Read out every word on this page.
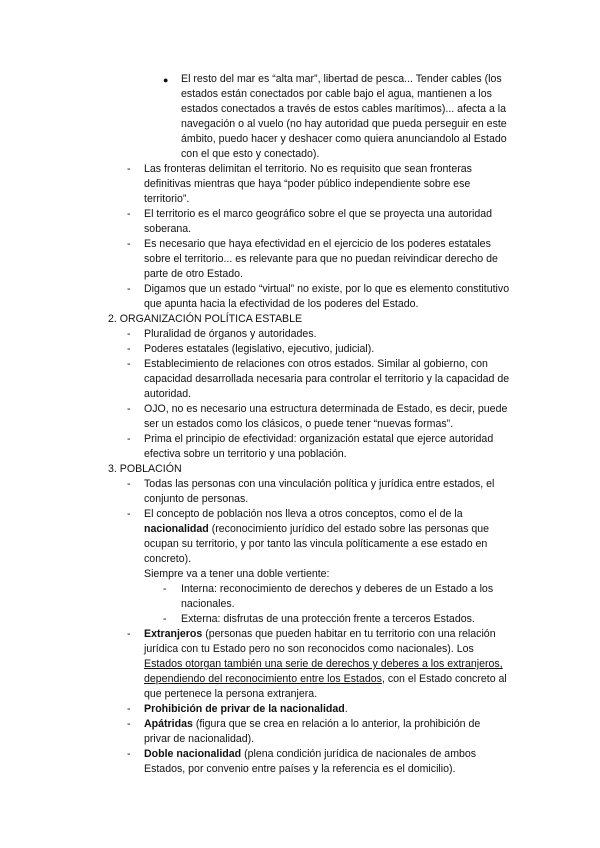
● El resto del mar es “alta mar”, libertad de pesca... Tender cables (los
estados están conectados por cable bajo el agua, mantienen a los
estados conectados a través de estos cables marítimos)... afecta a la
navegación o al vuelo (no hay autoridad que pueda perseguir en este
ámbito, puedo hacer y deshacer como quiera anunciandolo al Estado
con el que esto y conectado).
- Las fronteras delimitan el territorio. No es requisito que sean fronteras
definitivas mientras que haya “poder público independiente sobre ese
territorio”.
- El territorio es el marco geográfico sobre el que se proyecta una autoridad
soberana.
- Es necesario que haya efectividad en el ejercicio de los poderes estatales
sobre el territorio... es relevante para que no puedan reivindicar derecho de
parte de otro Estado.
- Digamos que un estado “virtual” no existe, por lo que es elemento constitutivo
que apunta hacia la efectividad de los poderes del Estado.
2. ORGANIZACIÓN POLÍTICA ESTABLE
- Pluralidad de órganos y autoridades.
- Poderes estatales (legislativo, ejecutivo, judicial).
- Establecimiento de relaciones con otros estados. Similar al gobierno, con
capacidad desarrollada necesaria para controlar el territorio y la capacidad de
autoridad.
- OJO, no es necesario una estructura determinada de Estado, es decir, puede
ser un estados como los clásicos, o puede tener “nuevas formas”.
- Prima el principio de efectividad: organización estatal que ejerce autoridad
efectiva sobre un territorio y una población.
3. POBLACIÓN
- Todas las personas con una vinculación política y jurídica entre estados, el
conjunto de personas.
- El concepto de población nos lleva a otros conceptos, como el de la
nacionalidad (reconocimiento jurídico del estado sobre las personas que
ocupan su territorio, y por tanto las vincula políticamente a ese estado en
concreto).
Siempre va a tener una doble vertiente:
- Interna: reconocimiento de derechos y deberes de un Estado a los
nacionales.
- Externa: disfrutas de una protección frente a terceros Estados.
- Extranjeros (personas que pueden habitar en tu territorio con una relación
jurídica con tu Estado pero no son reconocidos como nacionales). Los
Estados otorgan también una serie de derechos y deberes a los extranjeros,
dependiendo del reconocimiento entre los Estados, con el Estado concreto al
que pertenece la persona extranjera.
- Prohibición de privar de la nacionalidad.
- Apátridas (figura que se crea en relación a lo anterior, la prohibición de
privar de nacionalidad).
- Doble nacionalidad (plena condición jurídica de nacionales de ambos
Estados, por convenio entre países y la referencia es el domicilio).
